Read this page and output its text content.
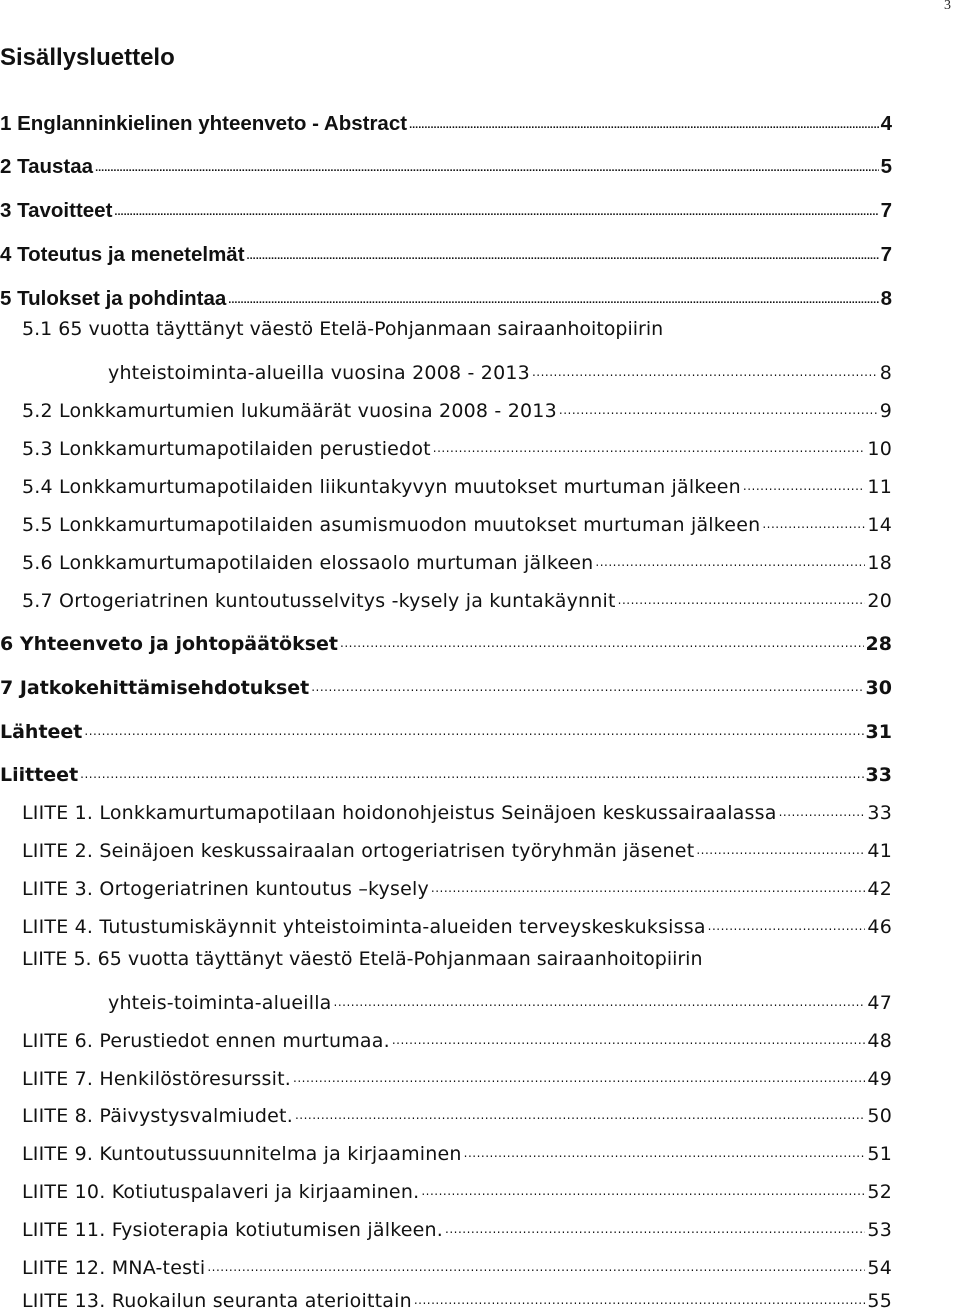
3
Sisällysluettelo
1 Englanninkielinen yhteenveto - Abstract .....	4
2 Taustaa .....	5
3 Tavoitteet .....	7
4 Toteutus ja menetelmät .....	7
5 Tulokset ja pohdintaa .....	8
5.1 65 vuotta täyttänyt väestö Etelä-Pohjanmaan sairaanhoitopiirin
yhteistoiminta-alueilla vuosina 2008 - 2013 .....	8
5.2 Lonkkamurtumien lukumäärät vuosina 2008 - 2013 .....	9
5.3 Lonkkamurtumapotilaiden perustiedot .....	10
5.4 Lonkkamurtumapotilaiden liikuntakyvyn muutokset murtuman jälkeen .....	11
5.5 Lonkkamurtumapotilaiden asumismuodon muutokset murtuman jälkeen .....	14
5.6 Lonkkamurtumapotilaiden elossaolo murtuman jälkeen .....	18
5.7 Ortogeriatrinen kuntoutusselvitys -kysely ja kuntakäynnit .....	20
6 Yhteenveto ja johtopäätökset .....	28
7 Jatkokehittämisehdotukset .....	30
Lähteet .....	31
Liitteet .....	33
LIITE 1. Lonkkamurtumapotilaan hoidonohjeistus Seinäjoen keskussairaalassa .....	33
LIITE 2. Seinäjoen keskussairaalan ortogeriatrisen työryhmän jäsenet .....	41
LIITE 3. Ortogeriatrinen kuntoutus –kysely .....	42
LIITE 4. Tutustumiskäynnit yhteistoiminta-alueiden terveyskeskuksissa .....	46
LIITE 5. 65 vuotta täyttänyt väestö Etelä-Pohjanmaan sairaanhoitopiirin
yhteis-toiminta-alueilla .....	47
LIITE 6. Perustiedot ennen murtumaa. .....	48
LIITE 7. Henkilöstöresurssit. .....	49
LIITE 8. Päivystysvalmiudet. .....	50
LIITE 9. Kuntoutussuunnitelma ja kirjaaminen .....	51
LIITE 10. Kotiutuspalaveri ja kirjaaminen. .....	52
LIITE 11. Fysioterapia kotiutumisen jälkeen. .....	53
LIITE 12. MNA-testi .....	54
LIITE 13. Ruokailun seuranta aterioittain .....	55
